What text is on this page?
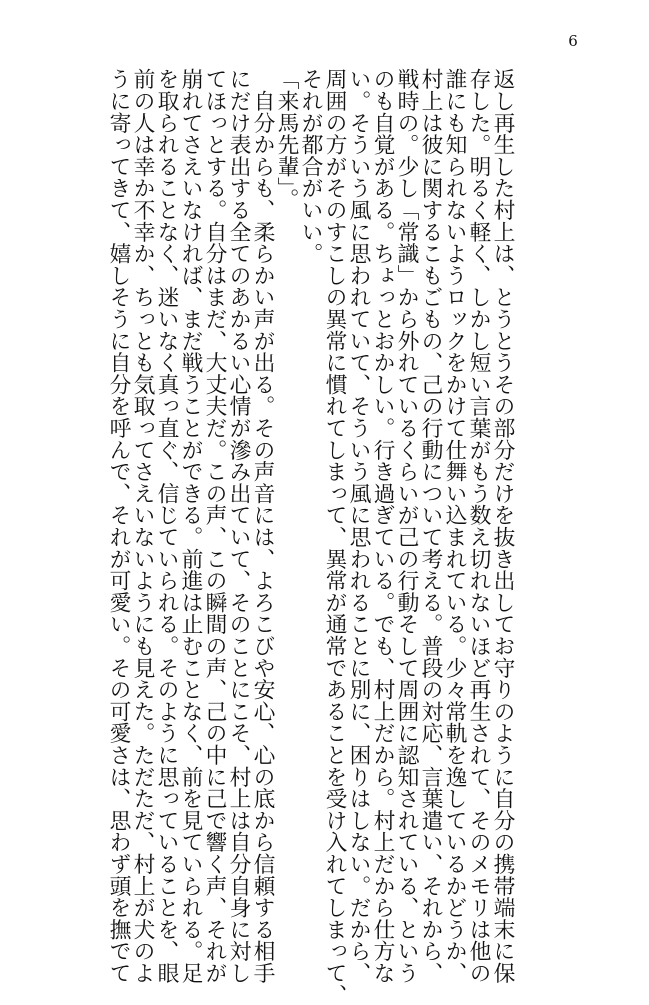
6
返し再生した村上は、とうとうその部分だけを抜き出してお守りのように自分の携帯端末に保
存した。明るく軽く、しかし短い言葉がもう数え切れないほど再生されて、そのメモリは他の
誰にも知られないようロックをかけて仕舞い込まれている。少々常軌を逸しているかどうか、
村上は彼に関するこもごもの、己の行動について考える。普段の対応、言葉遣い、それから、
戦時の。少し「常識」から外れているくらいが己の行動そして周囲に認知されている、という
のも自覚がある。ちょっとおかしい。行き過ぎている。でも、村上だから。村上だから仕方な
い。そういう風に思われていて、そういう風に思われることに別に、困りはしない。だから、
周囲の方がそのすこしの異常に慣れてしまって、異常が通常であることを受け入れてしまって、
それが都合がいい。
「来馬先輩」。
　自分からも、柔らかい声が出る。その声音には、よろこびや安心、心の底から信頼する相手
にだけ表出する全てのあかるい心情が滲み出ていて、そのことにこそ、村上は自分自身に対し
てほっとする。自分はまだ、大丈夫だ。この声、この瞬間の声、己の中に己で響く声、それが
崩れてさえいなければ、まだ戦うことができる。前進は止むことなく、前を見ていられる。足
を取られることなく、迷いなく真っ直ぐ、信じていられる。そのように思っていることを、眼
前の人は幸か不幸か、ちっとも気取ってさえいないようにも見えた。ただただ、村上が犬のよ
うに寄ってきて、嬉しそうに自分を呼んで、それが可愛い。その可愛さは、思わず頭を撫でて
